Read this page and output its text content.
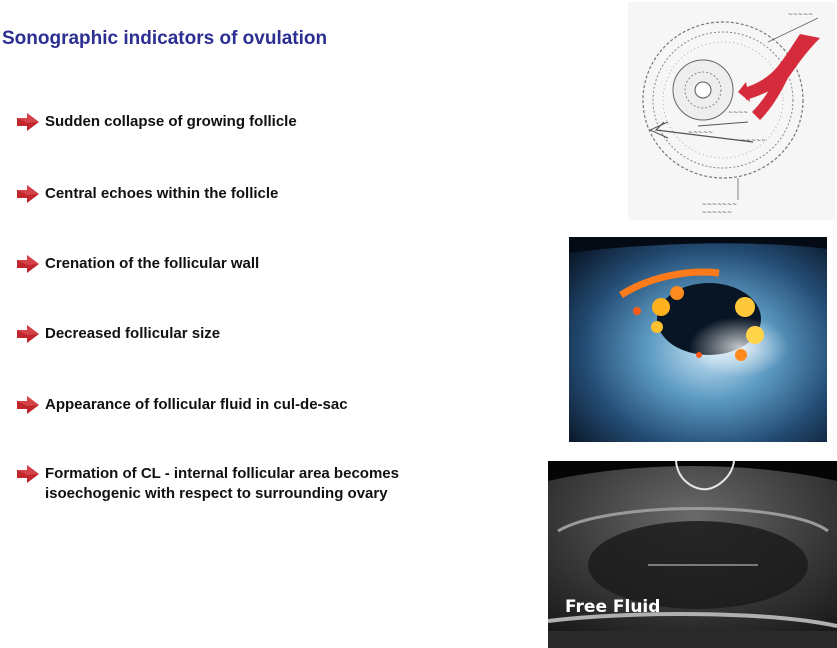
Sonographic indicators of ovulation
Sudden collapse of growing follicle
Central echoes within the follicle
Crenation of the follicular wall
Decreased follicular size
Appearance of follicular fluid in cul-de-sac
Formation of CL - internal follicular area becomes isoechogenic with respect to surrounding ovary
~~~~~
~~~~~
~~~~
~~~~~~
~~~~~~~
~~~~~~
Free Fluid
